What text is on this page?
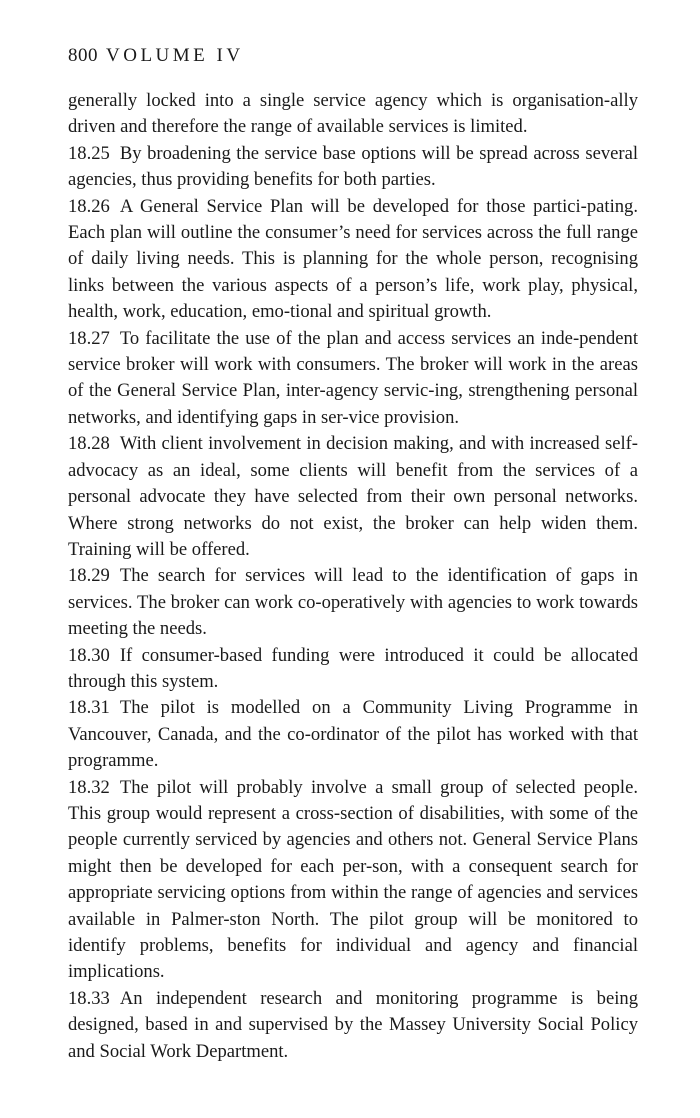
800 VOLUME IV

generally locked into a single service agency which is organisation-ally driven and therefore the range of available services is limited.

18.25 By broadening the service base options will be spread across several agencies, thus providing benefits for both parties.

18.26 A General Service Plan will be developed for those partici-pating. Each plan will outline the consumer’s need for services across the full range of daily living needs. This is planning for the whole person, recognising links between the various aspects of a person’s life, work play, physical, health, work, education, emo-tional and spiritual growth.

18.27 To facilitate the use of the plan and access services an inde-pendent service broker will work with consumers. The broker will work in the areas of the General Service Plan, inter-agency servic-ing, strengthening personal networks, and identifying gaps in ser-vice provision.

18.28 With client involvement in decision making, and with increased self-advocacy as an ideal, some clients will benefit from the services of a personal advocate they have selected from their own personal networks. Where strong networks do not exist, the broker can help widen them. Training will be offered.

18.29 The search for services will lead to the identification of gaps in services. The broker can work co-operatively with agencies to work towards meeting the needs.

18.30 If consumer-based funding were introduced it could be allocated through this system.

18.31 The pilot is modelled on a Community Living Programme in Vancouver, Canada, and the co-ordinator of the pilot has worked with that programme.

18.32 The pilot will probably involve a small group of selected people. This group would represent a cross-section of disabilities, with some of the people currently serviced by agencies and others not. General Service Plans might then be developed for each per-son, with a consequent search for appropriate servicing options from within the range of agencies and services available in Palmer-ston North. The pilot group will be monitored to identify problems, benefits for individual and agency and financial implications.

18.33 An independent research and monitoring programme is being designed, based in and supervised by the Massey University Social Policy and Social Work Department.
